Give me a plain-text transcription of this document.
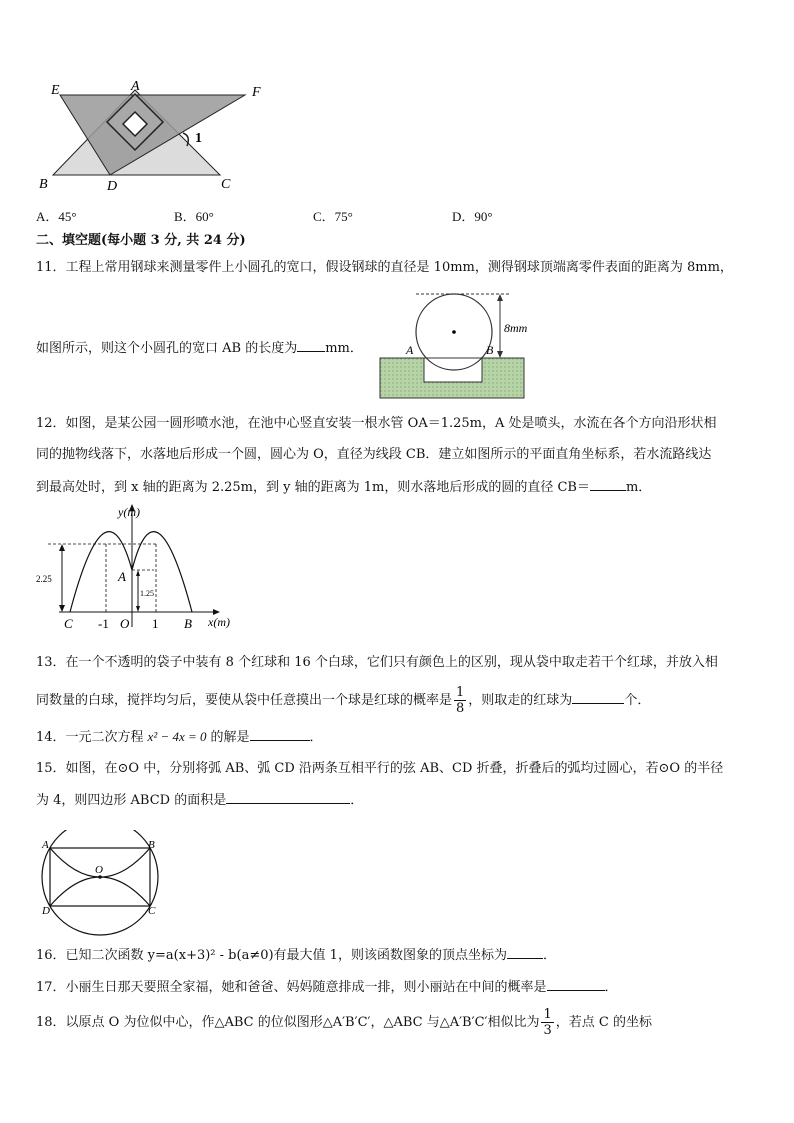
E	A	F
1
B	D	C
A．45°	B．60°	C．75°	D．90°
二、填空题(每小题 3 分, 共 24 分)
11．工程上常用钢球来测量零件上小圆孔的宽口，假设钢球的直径是 10mm，测得钢球顶端离零件表面的距离为 8mm，
如图所示，则这个小圆孔的宽口 AB 的长度为 mm．
8mm
A	B
12．如图，是某公园一圆形喷水池，在池中心竖直安装一根水管 OA＝1.25m，A 处是喷头，水流在各个方向沿形状相
同的抛物线落下，水落地后形成一个圆，圆心为 O，直径为线段 CB．建立如图所示的平面直角坐标系，若水流路线达
到最高处时，到 x 轴的距离为 2.25m，到 y 轴的距离为 1m，则水落地后形成的圆的直径 CB＝	m．
y(m)
x(m)
2.25
1.25
A
C -1 O 1 B
13．在一个不透明的袋子中装有 8 个红球和 16 个白球，它们只有颜色上的区别，现从袋中取走若干个红球，并放入相
同数量的白球，搅拌均匀后，要使从袋中任意摸出一个球是红球的概率是 $\frac{1}{8}$ ，则取走的红球为	个．
14．一元二次方程 x² − 4x = 0 的解是	．
15．如图，在⊙O 中，分别将弧 AB、弧 CD 沿两条互相平行的弦 AB、CD 折叠，折叠后的弧均过圆心，若⊙O 的半径
为 4，则四边形 ABCD 的面积是	．
A	B
O
D	C
16．已知二次函数 y=a(x+3)² - b(a≠0)有最大值 1，则该函数图象的顶点坐标为	．
17．小丽生日那天要照全家福，她和爸爸、妈妈随意排成一排，则小丽站在中间的概率是	．
18．以原点 O 为位似中心，作△ABC 的位似图形△A′B′C′，△ABC 与△A′B′C′相似比为 $\frac{1}{3}$ ，若点 C 的坐标
